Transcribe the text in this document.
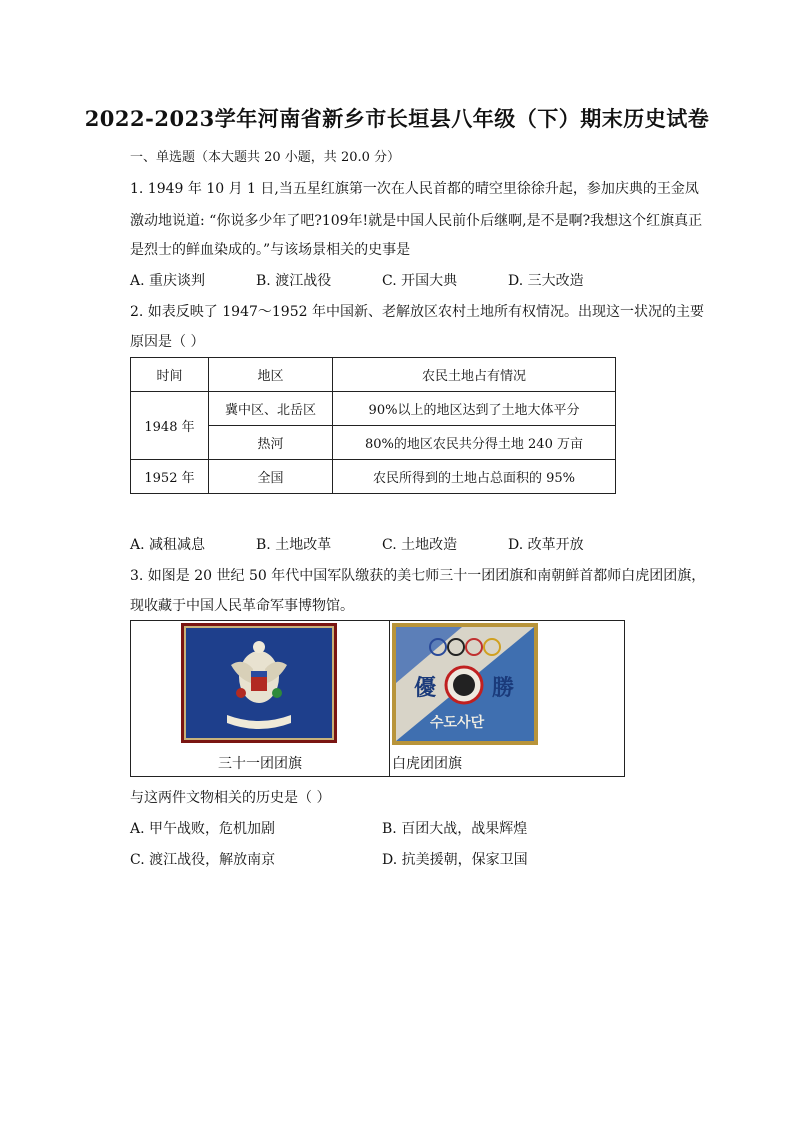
2022-2023学年河南省新乡市长垣县八年级（下）期末历史试卷
一、单选题（本大题共 20 小题，共 20.0 分）
1. 1949 年 10 月 1 日,当五星红旗第一次在人民首都的晴空里徐徐升起，参加庆典的王金凤
激动地说道: “你说多少年了吧?109年!就是中国人民前仆后继啊,是不是啊?我想这个红旗真正
是烈士的鲜血染成的。”与该场景相关的史事是
A. 重庆谈判	B. 渡江战役	C. 开国大典	D. 三大改造
2. 如表反映了 1947～1952 年中国新、老解放区农村土地所有权情况。出现这一状况的主要
原因是（ ）
时间	地区	农民土地占有情况
1948 年	冀中区、北岳区	90%以上的地区达到了土地大体平分
	热河	80%的地区农民共分得土地 240 万亩
1952 年	全国	农民所得到的土地占总面积的 95%
A. 减租减息	B. 土地改革	C. 土地改造	D. 改革开放
3. 如图是 20 世纪 50 年代中国军队缴获的美七师三十一团团旗和南朝鲜首都师白虎团团旗，
现收藏于中国人民革命军事博物馆。
三十一团团旗

優	勝
수도사단
白虎团团旗
与这两件文物相关的历史是（ ）
A. 甲午战败，危机加剧	B. 百团大战，战果辉煌
C. 渡江战役，解放南京	D. 抗美援朝，保家卫国
